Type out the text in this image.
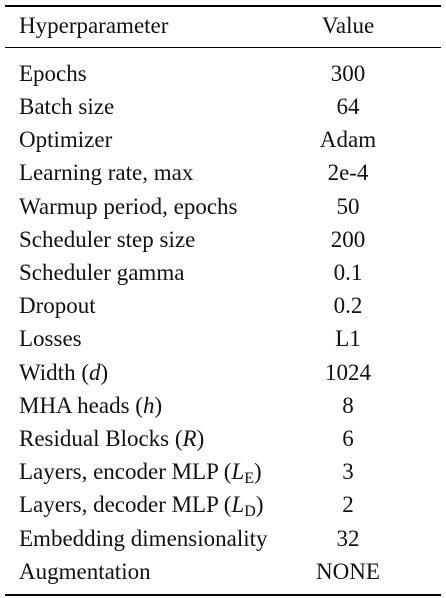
Hyperparameter	Value
Epochs	300
Batch size	64
Optimizer	Adam
Learning rate, max	2e-4
Warmup period, epochs	50
Scheduler step size	200
Scheduler gamma	0.1
Dropout	0.2
Losses	L1
Width (d)	1024
MHA heads (h)	8
Residual Blocks (R)	6
Layers, encoder MLP $(L_E)$	3
Layers, decoder MLP $(L_D)$	2
Embedding dimensionality	32
Augmentation	NONE
